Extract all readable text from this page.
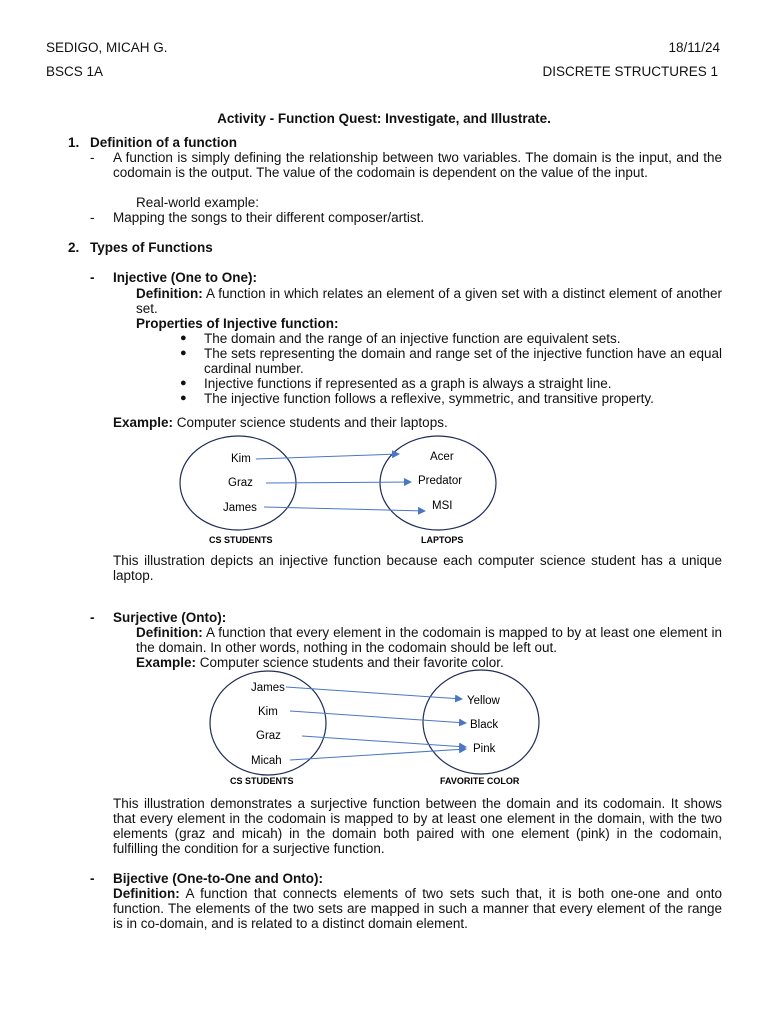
SEDIGO, MICAH G.	18/11/24
BSCS 1A	DISCRETE STRUCTURES 1
Activity - Function Quest: Investigate, and Illustrate.
1. Definition of a function
- A function is simply defining the relationship between two variables. The domain is the input, and the codomain is the output. The value of the codomain is dependent on the value of the input.
Real-world example:
- Mapping the songs to their different composer/artist.
2. Types of Functions
- Injective (One to One):
Definition: A function in which relates an element of a given set with a distinct element of another set.
Properties of Injective function:
● The domain and the range of an injective function are equivalent sets.
● The sets representing the domain and range set of the injective function have an equal cardinal number.
● Injective functions if represented as a graph is always a straight line.
● The injective function follows a reflexive, symmetric, and transitive property.
Example: Computer science students and their laptops.
Kim
Graz
James
Acer
Predator
MSI
CS STUDENTS	LAPTOPS
James
Kim
Graz
Micah
Yellow
Black
Pink
CS STUDENTS	FAVORITE COLOR
This illustration depicts an injective function because each computer science student has a unique laptop.
- Surjective (Onto):
Definition: A function that every element in the codomain is mapped to by at least one element in the domain. In other words, nothing in the codomain should be left out.
Example: Computer science students and their favorite color.
This illustration demonstrates a surjective function between the domain and its codomain. It shows that every element in the codomain is mapped to by at least one element in the domain, with the two elements (graz and micah) in the domain both paired with one element (pink) in the codomain, fulfilling the condition for a surjective function.
- Bijective (One-to-One and Onto):
Definition: A function that connects elements of two sets such that, it is both one-one and onto function. The elements of the two sets are mapped in such a manner that every element of the range is in co-domain, and is related to a distinct domain element.
